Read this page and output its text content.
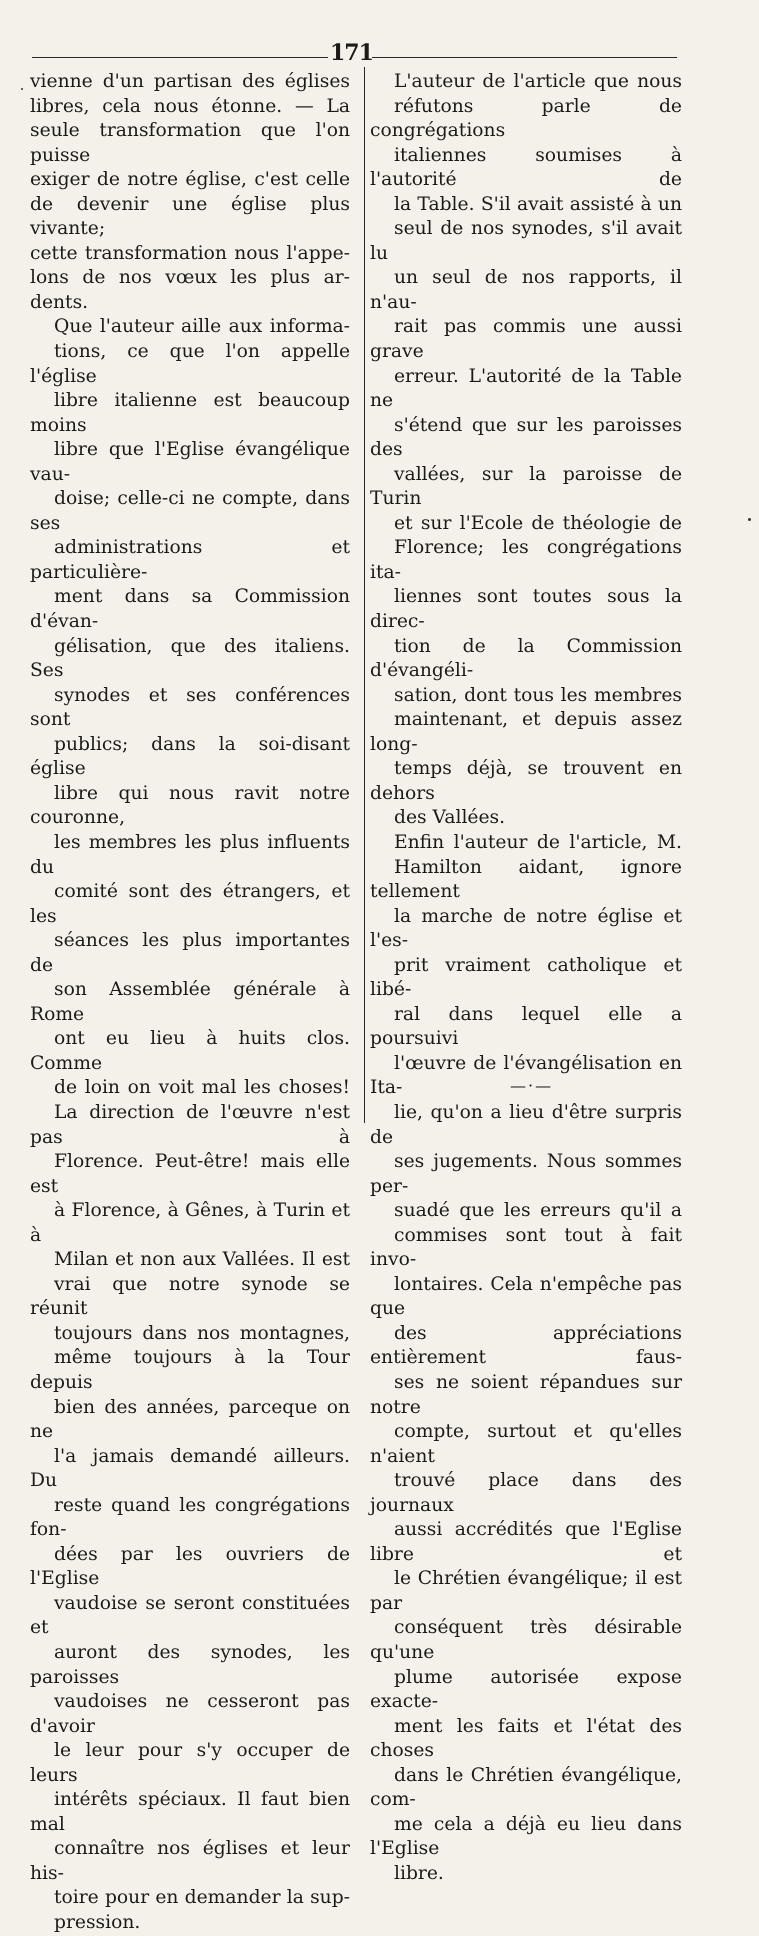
171

vienne d'un partisan des églises
libres, cela nous étonne. — La
seule transformation que l'on puisse
exiger de notre église, c'est celle
de devenir une église plus vivante;
cette transformation nous l'appe-
lons de nos vœux les plus ar-
dents.

Que l'auteur aille aux informa-
tions, ce que l'on appelle l'église
libre italienne est beaucoup moins
libre que l'Eglise évangélique vau-
doise; celle-ci ne compte, dans ses
administrations et particulière-
ment dans sa Commission d'évan-
gélisation, que des italiens. Ses
synodes et ses conférences sont
publics; dans la soi-disant église
libre qui nous ravit notre couronne,
les membres les plus influents du
comité sont des étrangers, et les
séances les plus importantes de
son Assemblée générale à Rome
ont eu lieu à huits clos. Comme
de loin on voit mal les choses!
La direction de l'œuvre n'est pas à
Florence. Peut-être! mais elle est
à Florence, à Gênes, à Turin et à
Milan et non aux Vallées. Il est
vrai que notre synode se réunit
toujours dans nos montagnes,
même toujours à la Tour depuis
bien des années, parceque on ne
l'a jamais demandé ailleurs. Du
reste quand les congrégations fon-
dées par les ouvriers de l'Eglise
vaudoise se seront constituées et
auront des synodes, les paroisses
vaudoises ne cesseront pas d'avoir
le leur pour s'y occuper de leurs
intérêts spéciaux. Il faut bien mal
connaître nos églises et leur his-
toire pour en demander la sup-
pression.

L'auteur de l'article que nous
réfutons parle de congrégations
italiennes soumises à l'autorité de
la Table. S'il avait assisté à un
seul de nos synodes, s'il avait lu
un seul de nos rapports, il n'au-
rait pas commis une aussi grave
erreur. L'autorité de la Table ne
s'étend que sur les paroisses des
vallées, sur la paroisse de Turin
et sur l'Ecole de théologie de
Florence; les congrégations ita-
liennes sont toutes sous la direc-
tion de la Commission d'évangéli-
sation, dont tous les membres
maintenant, et depuis assez long-
temps déjà, se trouvent en dehors
des Vallées.

Enfin l'auteur de l'article, M.
Hamilton aidant, ignore tellement
la marche de notre église et l'es-
prit vraiment catholique et libé-
ral dans lequel elle a poursuivi
l'œuvre de l'évangélisation en Ita-
lie, qu'on a lieu d'être surpris de
ses jugements. Nous sommes per-
suadé que les erreurs qu'il a
commises sont tout à fait invo-
lontaires. Cela n'empêche pas que
des appréciations entièrement faus-
ses ne soient répandues sur notre
compte, surtout et qu'elles n'aient
trouvé place dans des journaux
aussi accrédités que l'Eglise libre et
le Chrétien évangélique; il est par
conséquent très désirable qu'une
plume autorisée expose exacte-
ment les faits et l'état des choses
dans le Chrétien évangélique, com-
me cela a déjà eu lieu dans l'Eglise
libre.

—·—
